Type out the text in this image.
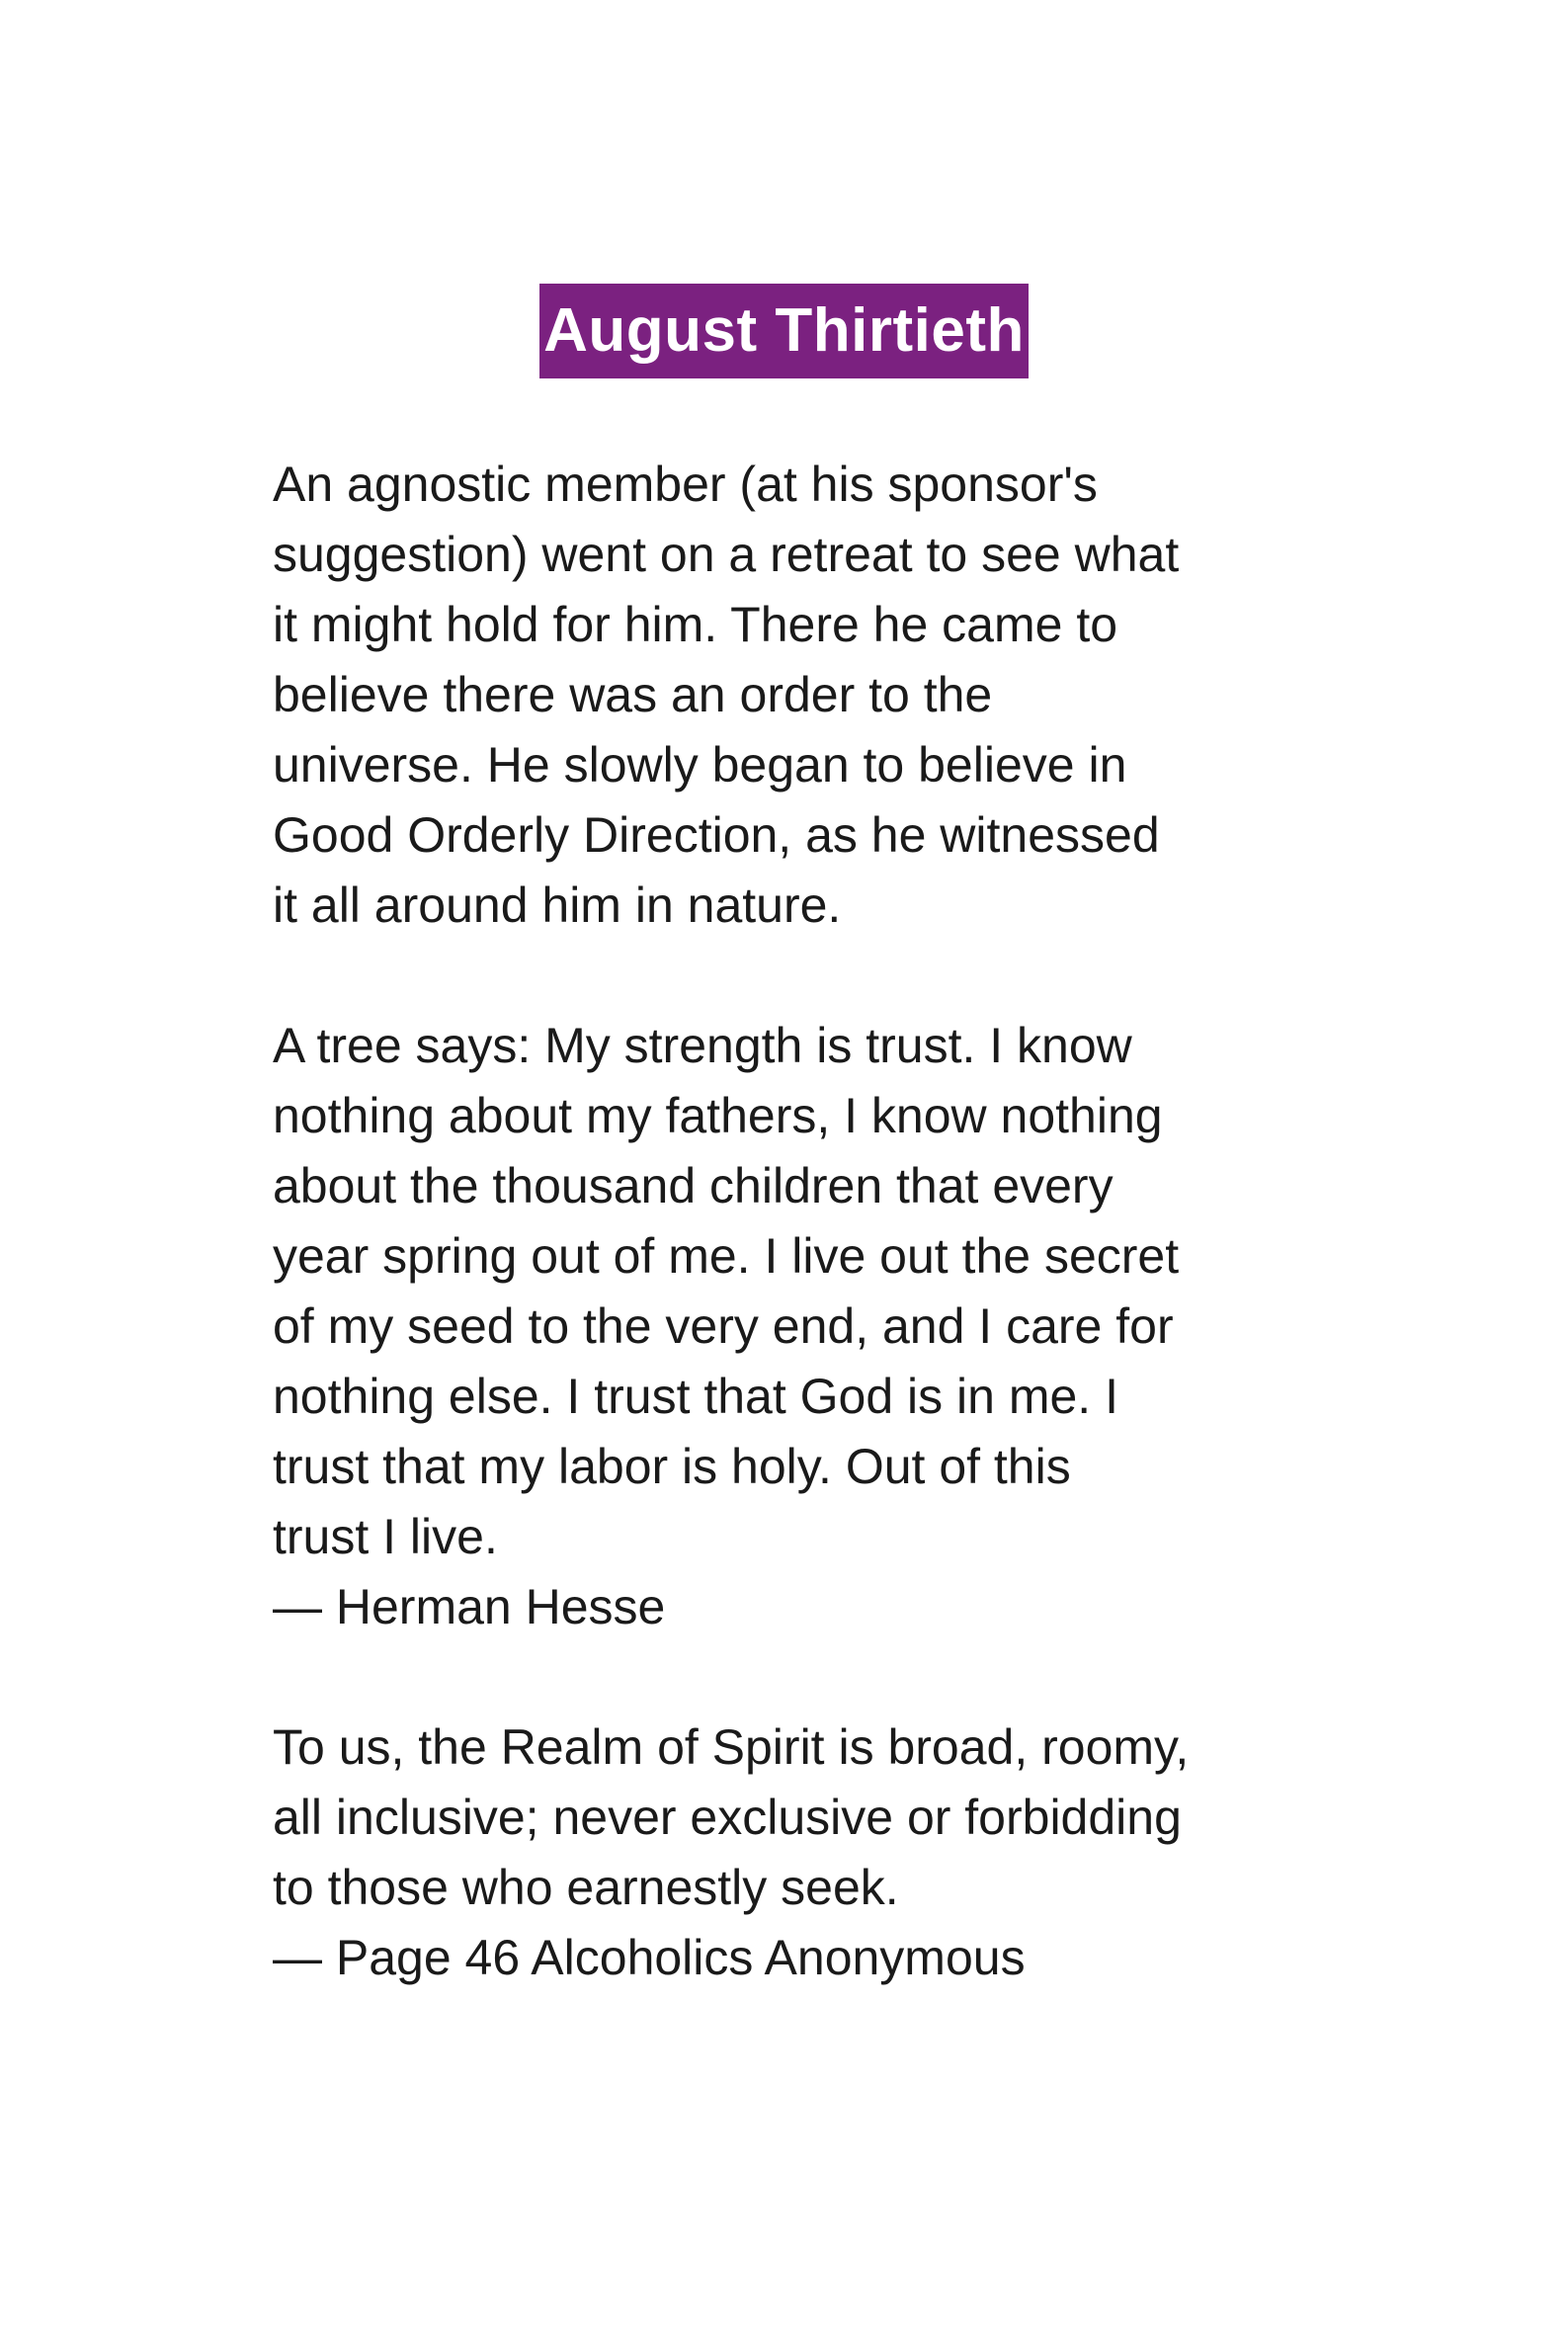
August Thirtieth
An agnostic member (at his sponsor's
suggestion) went on a retreat to see what
it might hold for him. There he came to
believe there was an order to the
universe. He slowly began to believe in
Good Orderly Direction, as he witnessed
it all around him in nature.
A tree says: My strength is trust. I know
nothing about my fathers, I know nothing
about the thousand children that every
year spring out of me. I live out the secret
of my seed to the very end, and I care for
nothing else. I trust that God is in me. I
trust that my labor is holy. Out of this
trust I live.
— Herman Hesse
To us, the Realm of Spirit is broad, roomy,
all inclusive; never exclusive or forbidding
to those who earnestly seek.
— Page 46 Alcoholics Anonymous
